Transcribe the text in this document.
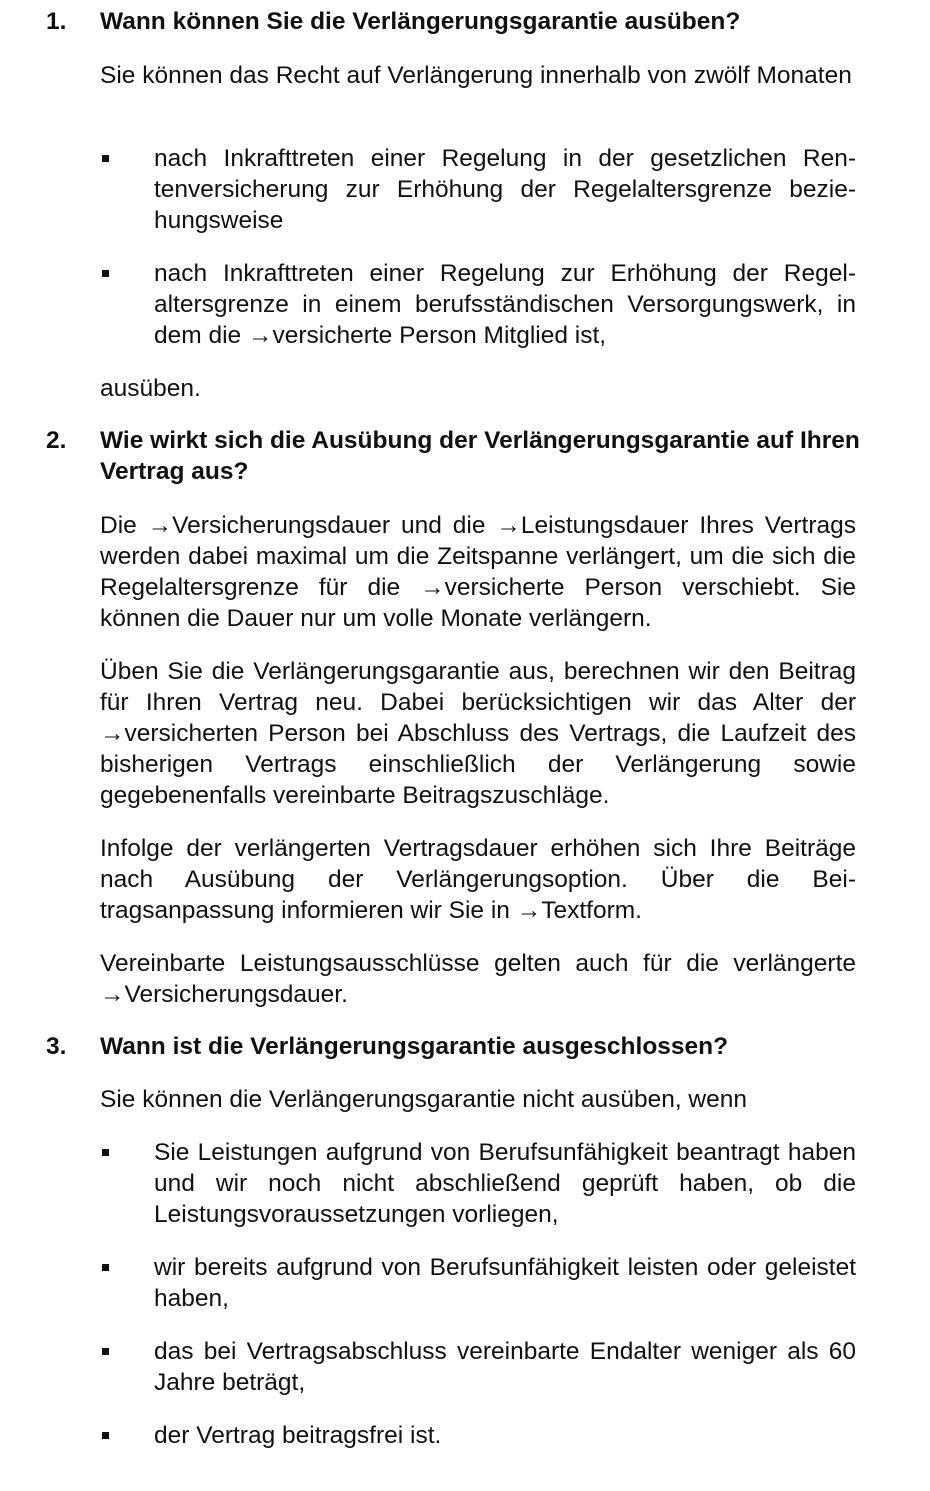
1. Wann können Sie die Verlängerungsgarantie ausüben?
Sie können das Recht auf Verlängerung innerhalb von zwölf Monaten
nach Inkrafttreten einer Regelung in der gesetzlichen Rentenversicherung zur Erhöhung der Regelaltersgrenze beziehungsweise
nach Inkrafttreten einer Regelung zur Erhöhung der Regelaltersgrenze in einem berufsständischen Versorgungswerk, in dem die →versicherte Person Mitglied ist,
ausüben.
2. Wie wirkt sich die Ausübung der Verlängerungsgarantie auf Ihren Vertrag aus?
Die →Versicherungsdauer und die →Leistungsdauer Ihres Vertrags werden dabei maximal um die Zeitspanne verlängert, um die sich die Regelaltersgrenze für die →versicherte Person verschiebt. Sie können die Dauer nur um volle Monate verlängern.
Üben Sie die Verlängerungsgarantie aus, berechnen wir den Beitrag für Ihren Vertrag neu. Dabei berücksichtigen wir das Alter der →versicherten Person bei Abschluss des Vertrags, die Laufzeit des bisherigen Vertrags einschließlich der Verlängerung sowie gegebenenfalls vereinbarte Beitragszuschläge.
Infolge der verlängerten Vertragsdauer erhöhen sich Ihre Beiträge nach Ausübung der Verlängerungsoption. Über die Beitragsanpassung informieren wir Sie in →Textform.
Vereinbarte Leistungsausschlüsse gelten auch für die verlängerte →Versicherungsdauer.
3. Wann ist die Verlängerungsgarantie ausgeschlossen?
Sie können die Verlängerungsgarantie nicht ausüben, wenn
Sie Leistungen aufgrund von Berufsunfähigkeit beantragt haben und wir noch nicht abschließend geprüft haben, ob die Leistungsvoraussetzungen vorliegen,
wir bereits aufgrund von Berufsunfähigkeit leisten oder geleistet haben,
das bei Vertragsabschluss vereinbarte Endalter weniger als 60 Jahre beträgt,
der Vertrag beitragsfrei ist.
